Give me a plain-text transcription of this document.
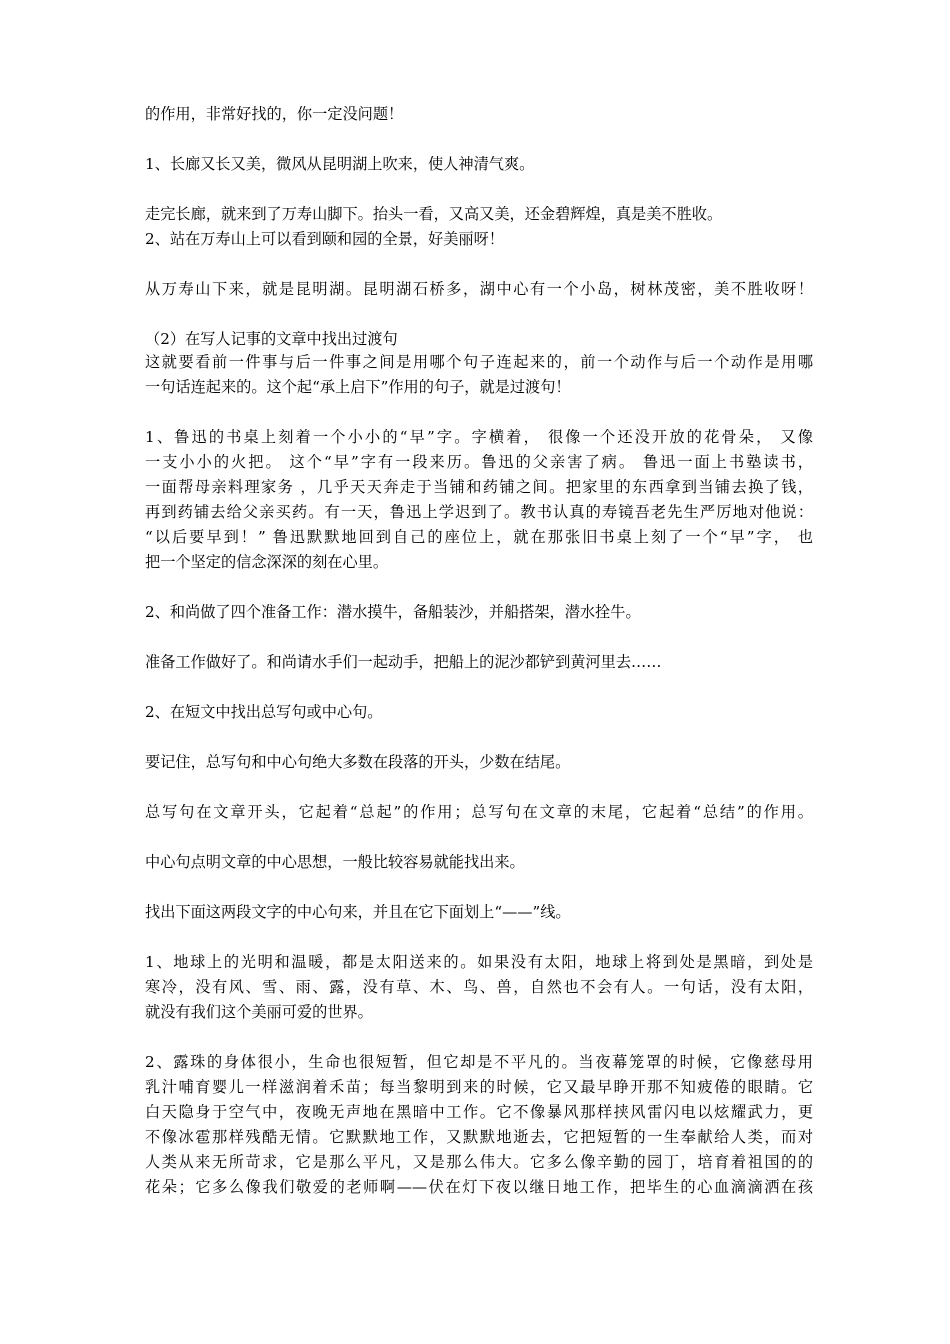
的作用，非常好找的，你一定没问题！
1、长廊又长又美，微风从昆明湖上吹来，使人神清气爽。
走完长廊，就来到了万寿山脚下。抬头一看，又高又美，还金碧辉煌，真是美不胜收。
2、站在万寿山上可以看到颐和园的全景，好美丽呀！
从万寿山下来，就是昆明湖。昆明湖石桥多，湖中心有一个小岛，树林茂密，美不胜收呀！
（2）在写人记事的文章中找出过渡句
这就要看前一件事与后一件事之间是用哪个句子连起来的，前一个动作与后一个动作是用哪
一句话连起来的。这个起“承上启下”作用的句子，就是过渡句！
1、鲁迅的书桌上刻着一个小小的“早”字。字横着， 很像一个还没开放的花骨朵， 又像
一支小小的火把。 这个“早”字有一段来历。鲁迅的父亲害了病。 鲁迅一面上书塾读书，
一面帮母亲料理家务 ，几乎天天奔走于当铺和药铺之间。把家里的东西拿到当铺去换了钱，
再到药铺去给父亲买药。有一天，鲁迅上学迟到了。教书认真的寿镜吾老先生严厉地对他说：
“以后要早到！” 鲁迅默默地回到自己的座位上，就在那张旧书桌上刻了一个“早”字， 也
把一个坚定的信念深深的刻在心里。
2、和尚做了四个准备工作：潜水摸牛，备船装沙，并船搭架，潜水拴牛。
准备工作做好了。和尚请水手们一起动手，把船上的泥沙都铲到黄河里去……
2、在短文中找出总写句或中心句。
要记住，总写句和中心句绝大多数在段落的开头，少数在结尾。
总写句在文章开头，它起着“总起”的作用；总写句在文章的末尾，它起着“总结”的作用。
中心句点明文章的中心思想，一般比较容易就能找出来。
找出下面这两段文字的中心句来，并且在它下面划上“——”线。
1、地球上的光明和温暖，都是太阳送来的。如果没有太阳，地球上将到处是黑暗，到处是
寒冷，没有风、雪、雨、露，没有草、木、鸟、兽，自然也不会有人。一句话，没有太阳，
就没有我们这个美丽可爱的世界。
2、露珠的身体很小，生命也很短暂，但它却是不平凡的。当夜幕笼罩的时候，它像慈母用
乳汁哺育婴儿一样滋润着禾苗；每当黎明到来的时候，它又最早睁开那不知疲倦的眼睛。它
白天隐身于空气中，夜晚无声地在黑暗中工作。它不像暴风那样挟风雷闪电以炫耀武力，更
不像冰雹那样残酷无情。它默默地工作，又默默地逝去，它把短暂的一生奉献给人类，而对
人类从来无所苛求，它是那么平凡，又是那么伟大。它多么像辛勤的园丁，培育着祖国的的
花朵；它多么像我们敬爱的老师啊——伏在灯下夜以继日地工作，把毕生的心血滴滴洒在孩
